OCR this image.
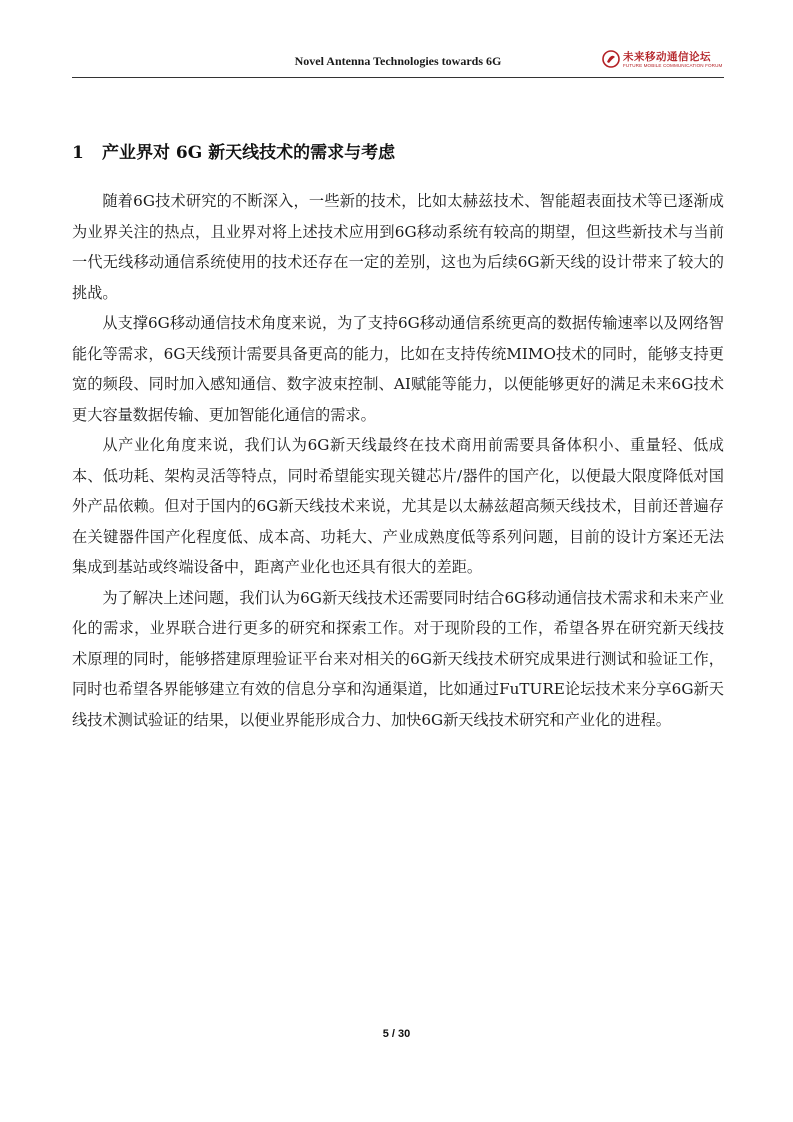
Novel Antenna Technologies towards 6G	未来移动通信论坛
FUTURE MOBILE COMMUNICATION FORUM
1 产业界对 6G 新天线技术的需求与考虑

随着6G技术研究的不断深入，一些新的技术，比如太赫兹技术、智能超表面技术等已逐渐成为业界关注的热点，且业界对将上述技术应用到6G移动系统有较高的期望，但这些新技术与当前一代无线移动通信系统使用的技术还存在一定的差别，这也为后续6G新天线的设计带来了较大的挑战。

从支撑6G移动通信技术角度来说，为了支持6G移动通信系统更高的数据传输速率以及网络智能化等需求，6G天线预计需要具备更高的能力，比如在支持传统MIMO技术的同时，能够支持更宽的频段、同时加入感知通信、数字波束控制、AI赋能等能力，以便能够更好的满足未来6G技术更大容量数据传输、更加智能化通信的需求。

从产业化角度来说，我们认为6G新天线最终在技术商用前需要具备体积小、重量轻、低成本、低功耗、架构灵活等特点，同时希望能实现关键芯片/器件的国产化，以便最大限度降低对国外产品依赖。但对于国内的6G新天线技术来说，尤其是以太赫兹超高频天线技术，目前还普遍存在关键器件国产化程度低、成本高、功耗大、产业成熟度低等系列问题，目前的设计方案还无法集成到基站或终端设备中，距离产业化也还具有很大的差距。

为了解决上述问题，我们认为6G新天线技术还需要同时结合6G移动通信技术需求和未来产业化的需求，业界联合进行更多的研究和探索工作。对于现阶段的工作，希望各界在研究新天线技术原理的同时，能够搭建原理验证平台来对相关的6G新天线技术研究成果进行测试和验证工作，同时也希望各界能够建立有效的信息分享和沟通渠道，比如通过FuTURE论坛技术来分享6G新天线技术测试验证的结果，以便业界能形成合力、加快6G新天线技术研究和产业化的进程。

5 / 30
